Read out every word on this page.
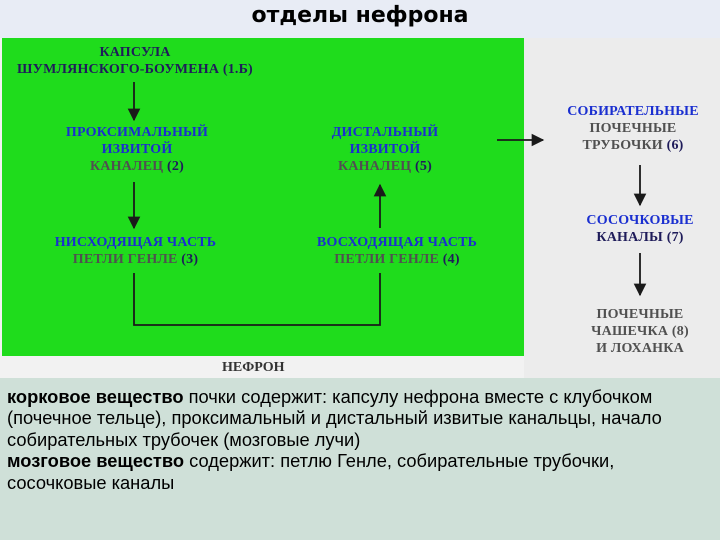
отделы нефрона
КАПСУЛА
ШУМЛЯНСКОГО-БОУМЕНА (1.Б)
ПРОКСИМАЛЬНЫЙ
ИЗВИТОЙ
КАНАЛЕЦ (2)
НИСХОДЯЩАЯ ЧАСТЬ
ПЕТЛИ ГЕНЛЕ (3)
ВОСХОДЯЩАЯ ЧАСТЬ
ПЕТЛИ ГЕНЛЕ (4)
ДИСТАЛЬНЫЙ
ИЗВИТОЙ
КАНАЛЕЦ (5)
СОБИРАТЕЛЬНЫЕ
ПОЧЕЧНЫЕ
ТРУБОЧКИ (6)
СОСОЧКОВЫЕ
КАНАЛЫ (7)
ПОЧЕЧНЫЕ
ЧАШЕЧКА (8)
И ЛОХАНКА
НЕФРОН

корковое вещество почки содержит: капсулу нефрона вместе с клубочком (почечное тельце), проксимальный и дистальный извитые канальцы, начало собирательных трубочек (мозговые лучи)
мозговое вещество содержит: петлю Генле, собирательные трубочки, сосочковые каналы
